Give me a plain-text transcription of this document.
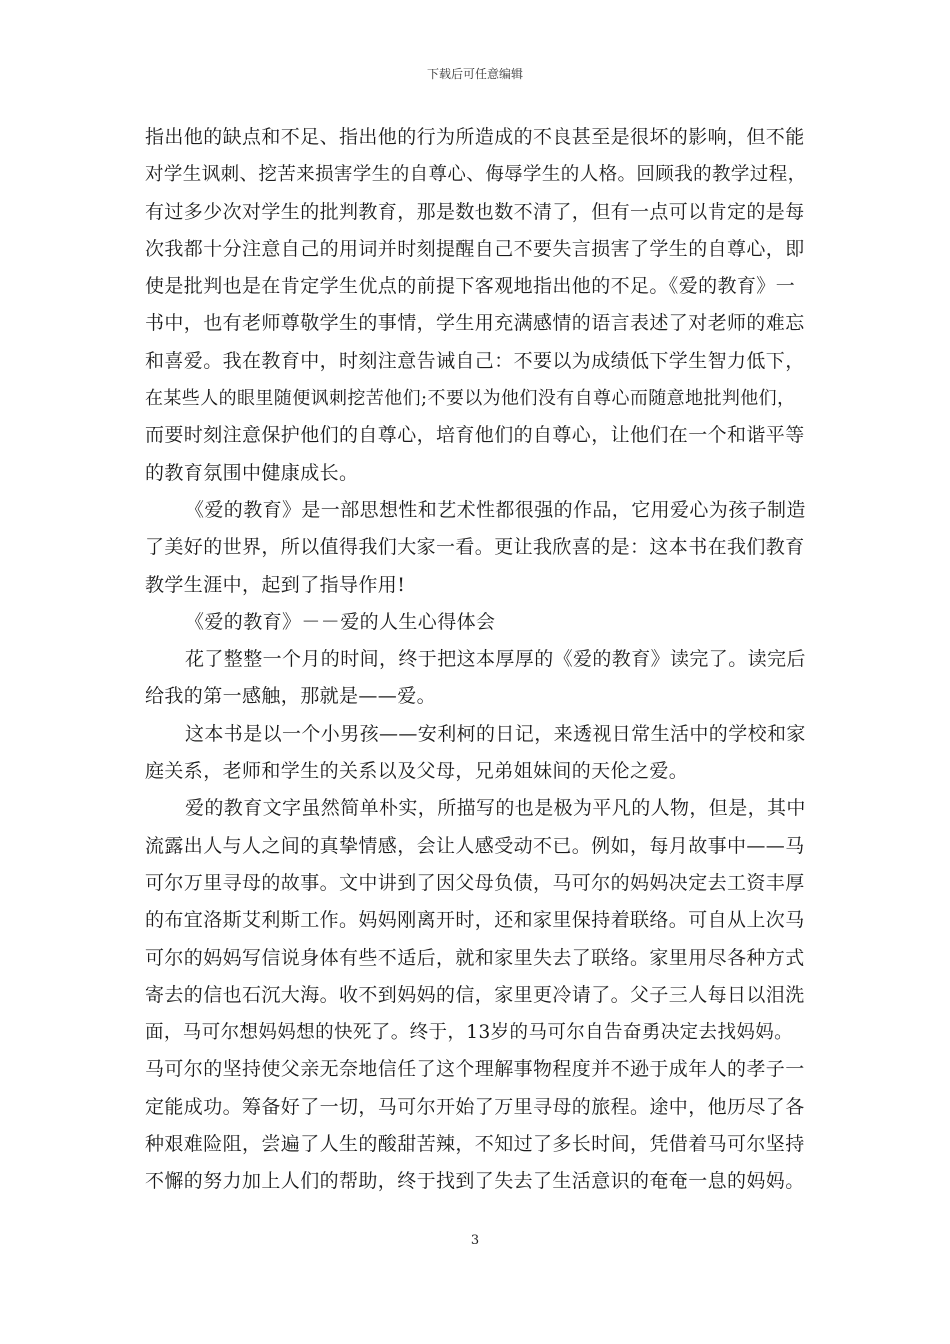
下载后可任意编辑
指出他的缺点和不足、指出他的行为所造成的不良甚至是很坏的影响，但不能
对学生讽刺、挖苦来损害学生的自尊心、侮辱学生的人格。回顾我的教学过程，
有过多少次对学生的批判教育，那是数也数不清了，但有一点可以肯定的是每
次我都十分注意自己的用词并时刻提醒自己不要失言损害了学生的自尊心，即
使是批判也是在肯定学生优点的前提下客观地指出他的不足。《爱的教育》一
书中，也有老师尊敬学生的事情，学生用充满感情的语言表述了对老师的难忘
和喜爱。我在教育中，时刻注意告诫自己：不要以为成绩低下学生智力低下，
在某些人的眼里随便讽刺挖苦他们;不要以为他们没有自尊心而随意地批判他们，
而要时刻注意保护他们的自尊心，培育他们的自尊心，让他们在一个和谐平等
的教育氛围中健康成长。
《爱的教育》是一部思想性和艺术性都很强的作品，它用爱心为孩子制造
了美好的世界，所以值得我们大家一看。更让我欣喜的是：这本书在我们教育
教学生涯中，起到了指导作用!
《爱的教育》－－爱的人生心得体会
花了整整一个月的时间，终于把这本厚厚的《爱的教育》读完了。读完后
给我的第一感触，那就是——爱。
这本书是以一个小男孩——安利柯的日记，来透视日常生活中的学校和家
庭关系，老师和学生的关系以及父母，兄弟姐妹间的天伦之爱。
爱的教育文字虽然简单朴实，所描写的也是极为平凡的人物，但是，其中
流露出人与人之间的真挚情感，会让人感受动不已。例如，每月故事中——马
可尔万里寻母的故事。文中讲到了因父母负债，马可尔的妈妈决定去工资丰厚
的布宜洛斯艾利斯工作。妈妈刚离开时，还和家里保持着联络。可自从上次马
可尔的妈妈写信说身体有些不适后，就和家里失去了联络。家里用尽各种方式
寄去的信也石沉大海。收不到妈妈的信，家里更冷请了。父子三人每日以泪洗
面，马可尔想妈妈想的快死了。终于，13岁的马可尔自告奋勇决定去找妈妈。
马可尔的坚持使父亲无奈地信任了这个理解事物程度并不逊于成年人的孝子一
定能成功。筹备好了一切，马可尔开始了万里寻母的旅程。途中，他历尽了各
种艰难险阻，尝遍了人生的酸甜苦辣，不知过了多长时间，凭借着马可尔坚持
不懈的努力加上人们的帮助，终于找到了失去了生活意识的奄奄一息的妈妈。
3
